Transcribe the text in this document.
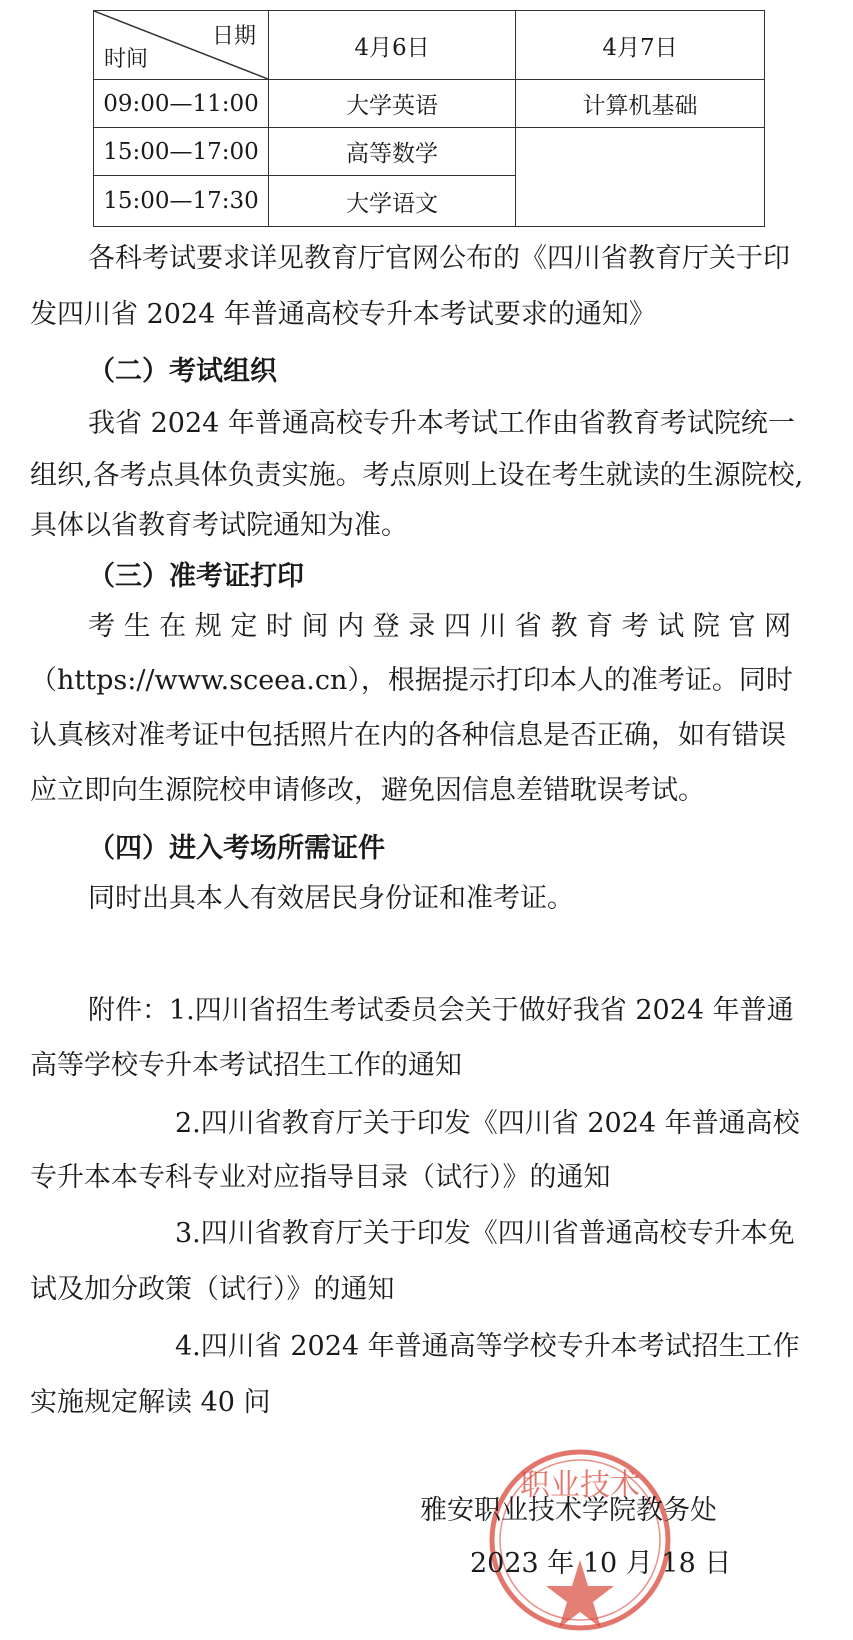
日期
时间	4月6日	4月7日
09:00—11:00	大学英语	计算机基础
15:00—17:00	高等数学	
15:00—17:30	大学语文	
各科考试要求详见教育厅官网公布的《四川省教育厅关于印
发四川省 2024 年普通高校专升本考试要求的通知》
（二）考试组织
我省 2024 年普通高校专升本考试工作由省教育考试院统一
组织,各考点具体负责实施。考点原则上设在考生就读的生源院校,
具体以省教育考试院通知为准。
（三）准考证打印
考 生 在 规 定 时 间 内 登 录 四 川 省 教 育 考 试 院 官 网
（https://www.sceea.cn），根据提示打印本人的准考证。同时
认真核对准考证中包括照片在内的各种信息是否正确，如有错误
应立即向生源院校申请修改，避免因信息差错耽误考试。
（四）进入考场所需证件
同时出具本人有效居民身份证和准考证。
附件：1.四川省招生考试委员会关于做好我省 2024 年普通
高等学校专升本考试招生工作的通知
2.四川省教育厅关于印发《四川省 2024 年普通高校
专升本本专科专业对应指导目录（试行）》的通知
3.四川省教育厅关于印发《四川省普通高校专升本免
试及加分政策（试行）》的通知
4.四川省 2024 年普通高等学校专升本考试招生工作
实施规定解读 40 问
职业技术
雅安职业技术学院教务处
2023 年 10 月 18 日
